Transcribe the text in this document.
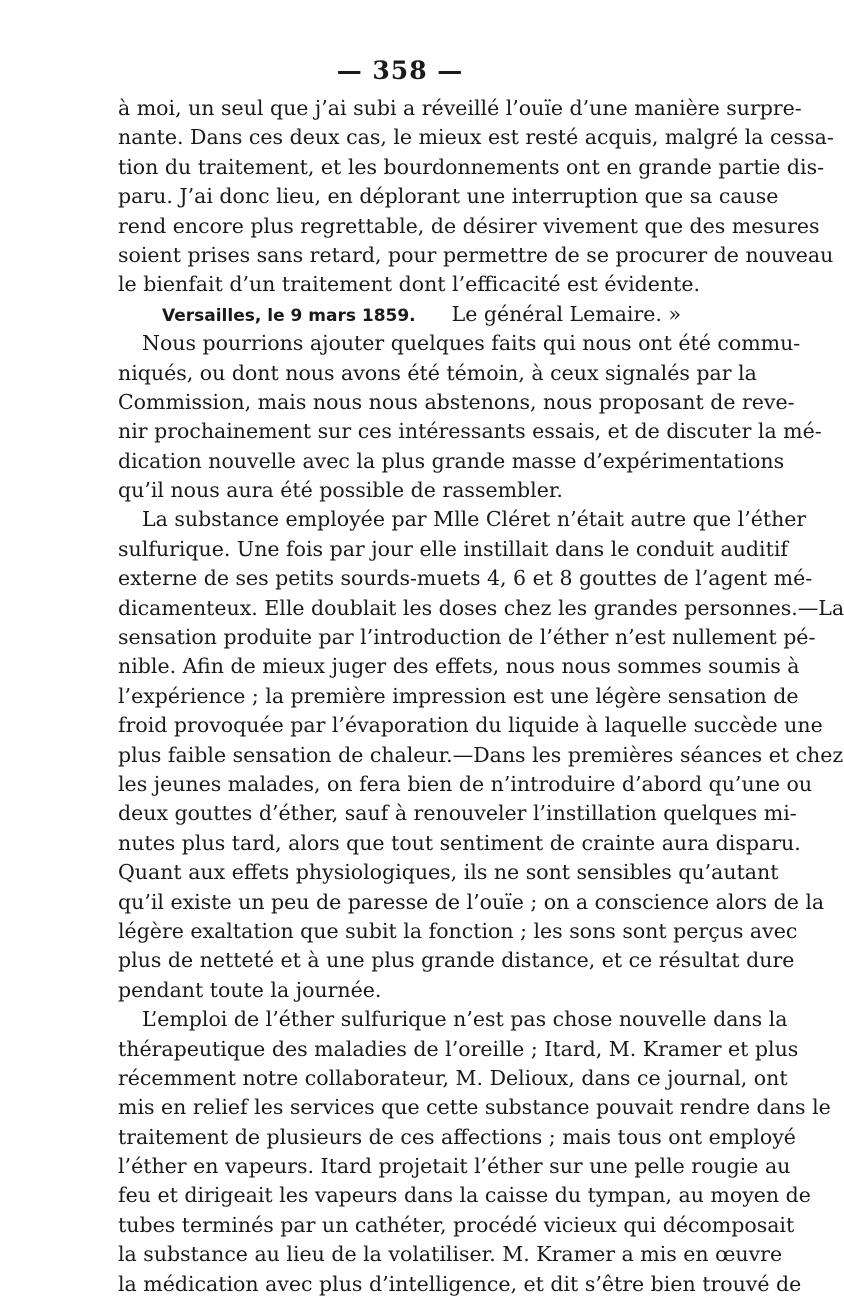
— 358 —
à moi, un seul que j’ai subi a réveillé l’ouïe d’une manière surpre-
nante. Dans ces deux cas, le mieux est resté acquis, malgré la cessa-
tion du traitement, et les bourdonnements ont en grande partie dis-
paru. J’ai donc lieu, en déplorant une interruption que sa cause
rend encore plus regrettable, de désirer vivement que des mesures
soient prises sans retard, pour permettre de se procurer de nouveau
le bienfait d’un traitement dont l’efficacité est évidente.
Versailles, le 9 mars 1859. Le général Lemaire. »
Nous pourrions ajouter quelques faits qui nous ont été commu-
niqués, ou dont nous avons été témoin, à ceux signalés par la
Commission, mais nous nous abstenons, nous proposant de reve-
nir prochainement sur ces intéressants essais, et de discuter la mé-
dication nouvelle avec la plus grande masse d’expérimentations
qu’il nous aura été possible de rassembler.
La substance employée par Mlle Cléret n’était autre que l’éther
sulfurique. Une fois par jour elle instillait dans le conduit auditif
externe de ses petits sourds-muets 4, 6 et 8 gouttes de l’agent mé-
dicamenteux. Elle doublait les doses chez les grandes personnes.—La
sensation produite par l’introduction de l’éther n’est nullement pé-
nible. Afin de mieux juger des effets, nous nous sommes soumis à
l’expérience ; la première impression est une légère sensation de
froid provoquée par l’évaporation du liquide à laquelle succède une
plus faible sensation de chaleur.—Dans les premières séances et chez
les jeunes malades, on fera bien de n’introduire d’abord qu’une ou
deux gouttes d’éther, sauf à renouveler l’instillation quelques mi-
nutes plus tard, alors que tout sentiment de crainte aura disparu.
Quant aux effets physiologiques, ils ne sont sensibles qu’autant
qu’il existe un peu de paresse de l’ouïe ; on a conscience alors de la
légère exaltation que subit la fonction ; les sons sont perçus avec
plus de netteté et à une plus grande distance, et ce résultat dure
pendant toute la journée.
L’emploi de l’éther sulfurique n’est pas chose nouvelle dans la
thérapeutique des maladies de l’oreille ; Itard, M. Kramer et plus
récemment notre collaborateur, M. Delioux, dans ce journal, ont
mis en relief les services que cette substance pouvait rendre dans le
traitement de plusieurs de ces affections ; mais tous ont employé
l’éther en vapeurs. Itard projetait l’éther sur une pelle rougie au
feu et dirigeait les vapeurs dans la caisse du tympan, au moyen de
tubes terminés par un cathéter, procédé vicieux qui décomposait
la substance au lieu de la volatiliser. M. Kramer a mis en œuvre
la médication avec plus d’intelligence, et dit s’être bien trouvé de
